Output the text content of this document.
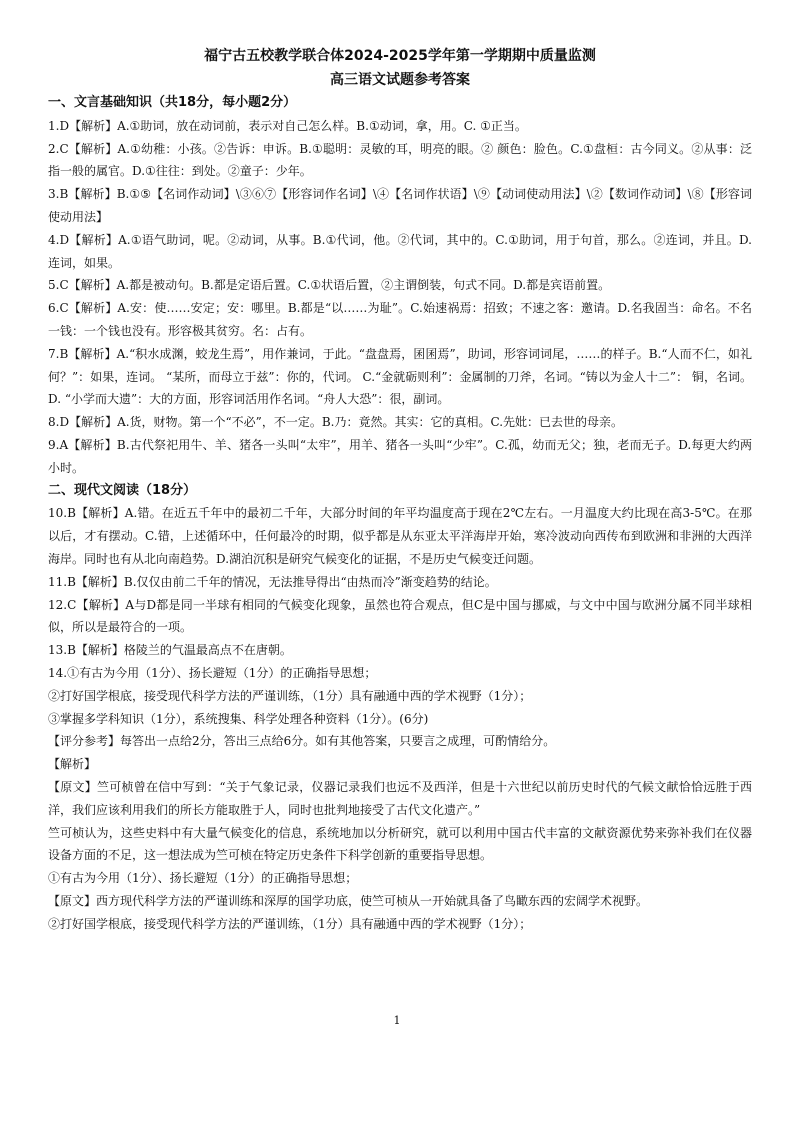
福宁古五校教学联合体2024-2025学年第一学期期中质量监测
高三语文试题参考答案
一、文言基础知识（共18分，每小题2分）

1.D【解析】A.①助词，放在动词前，表示对自己怎么样。B.①动词，拿，用。C. ①正当。

2.C【解析】A.①幼稚：小孩。②告诉：申诉。B.①聪明：灵敏的耳，明亮的眼。② 颜色：脸色。C.①盘桓：古今同义。②从事：泛指一般的属官。D.①往往：到处。②童子：少年。

3.B【解析】B.①⑤【名词作动词】\③⑥⑦【形容词作名词】\④【名词作状语】\⑨【动词使动用法】\②【数词作动词】\⑧【形容词使动用法】

4.D【解析】A.①语气助词，呢。②动词，从事。B.①代词，他。②代词，其中的。C.①助词，用于句首，那么。②连词，并且。D.连词，如果。

5.C【解析】A.都是被动句。B.都是定语后置。C.①状语后置，②主谓倒装，句式不同。D.都是宾语前置。

6.C【解析】A.安：使……安定；安：哪里。B.都是“以……为耻”。C.始速祸焉：招致；不速之客：邀请。D.名我固当：命名。不名一钱：一个钱也没有。形容极其贫穷。名：占有。

7.B【解析】A.“积水成渊，蛟龙生焉”，用作兼词，于此。“盘盘焉，囷囷焉”，助词，形容词词尾，……的样子。B.“人而不仁，如礼何？”：如果，连词。 “某所，而母立于兹”：你的，代词。 C.“金就砺则利”：金属制的刀斧，名词。“铸以为金人十二”： 铜，名词。D. “小学而大遗”：大的方面，形容词活用作名词。“舟人大恐”：很，副词。

8.D【解析】A.货，财物。第一个“不必”，不一定。B.乃：竟然。其实：它的真相。C.先妣：已去世的母亲。

9.A【解析】B.古代祭祀用牛、羊、猪各一头叫“太牢”，用羊、猪各一头叫“少牢”。C.孤，幼而无父；独，老而无子。D.每更大约两小时。

二、现代文阅读（18分）

10.B【解析】A.错。在近五千年中的最初二千年，大部分时间的年平均温度高于现在2℃左右。一月温度大约比现在高3-5℃。在那以后，才有摆动。C.错，上述循环中，任何最冷的时期，似乎都是从东亚太平洋海岸开始，寒冷波动向西传布到欧洲和非洲的大西洋海岸。同时也有从北向南趋势。D.湖泊沉积是研究气候变化的证据，不是历史气候变迁问题。

11.B【解析】B.仅仅由前二千年的情况，无法推导得出“由热而冷”渐变趋势的结论。

12.C【解析】A与D都是同一半球有相同的气候变化现象，虽然也符合观点，但C是中国与挪威，与文中中国与欧洲分属不同半球相似，所以是最符合的一项。

13.B【解析】格陵兰的气温最高点不在唐朝。

14.①有古为今用（1分）、扬长避短（1分）的正确指导思想；

②打好国学根底，接受现代科学方法的严谨训练，（1分）具有融通中西的学术视野（1分）；

③掌握多学科知识（1分），系统搜集、科学处理各种资料（1分）。(6分)

【评分参考】每答出一点给2分，答出三点给6分。如有其他答案，只要言之成理，可酌情给分。

【解析】

【原文】竺可桢曾在信中写到：“关于气象记录，仪器记录我们也远不及西洋，但是十六世纪以前历史时代的气候文献恰恰远胜于西洋，我们应该利用我们的所长方能取胜于人，同时也批判地接受了古代文化遗产。”

竺可桢认为，这些史料中有大量气候变化的信息，系统地加以分析研究，就可以利用中国古代丰富的文献资源优势来弥补我们在仪器设备方面的不足，这一想法成为竺可桢在特定历史条件下科学创新的重要指导思想。

①有古为今用（1分）、扬长避短（1分）的正确指导思想；

【原文】西方现代科学方法的严谨训练和深厚的国学功底，使竺可桢从一开始就具备了鸟瞰东西的宏阔学术视野。

②打好国学根底，接受现代科学方法的严谨训练，（1分）具有融通中西的学术视野（1分）；

1
